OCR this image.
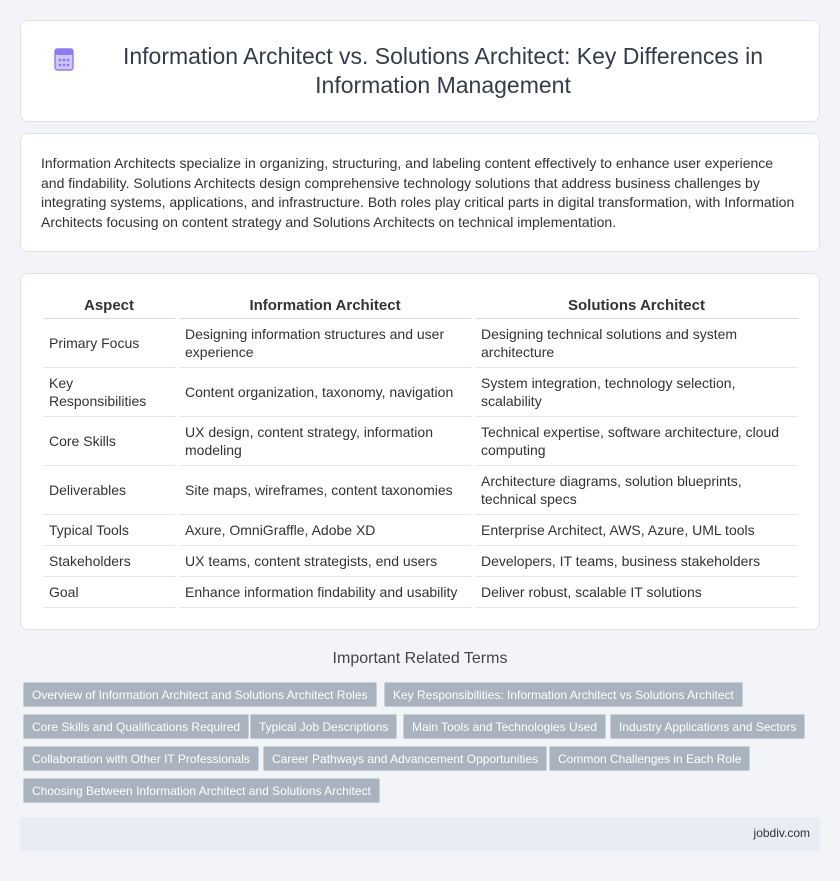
Information Architect vs. Solutions Architect: Key Differences in Information Management

Information Architects specialize in organizing, structuring, and labeling content effectively to enhance user experience and findability. Solutions Architects design comprehensive technology solutions that address business challenges by integrating systems, applications, and infrastructure. Both roles play critical parts in digital transformation, with Information Architects focusing on content strategy and Solutions Architects on technical implementation.

Aspect	Information Architect	Solutions Architect
Primary Focus	Designing information structures and user experience	Designing technical solutions and system architecture
Key Responsibilities	Content organization, taxonomy, navigation	System integration, technology selection, scalability
Core Skills	UX design, content strategy, information modeling	Technical expertise, software architecture, cloud computing
Deliverables	Site maps, wireframes, content taxonomies	Architecture diagrams, solution blueprints, technical specs
Typical Tools	Axure, OmniGraffle, Adobe XD	Enterprise Architect, AWS, Azure, UML tools
Stakeholders	UX teams, content strategists, end users	Developers, IT teams, business stakeholders
Goal	Enhance information findability and usability	Deliver robust, scalable IT solutions
Important Related Terms
Overview of Information Architect and Solutions Architect Roles	Key Responsibilities: Information Architect vs Solutions Architect
Core Skills and Qualifications Required	Typical Job Descriptions	Main Tools and Technologies Used	Industry Applications and Sectors
Collaboration with Other IT Professionals	Career Pathways and Advancement Opportunities	Common Challenges in Each Role
Choosing Between Information Architect and Solutions Architect
jobdiv.com
